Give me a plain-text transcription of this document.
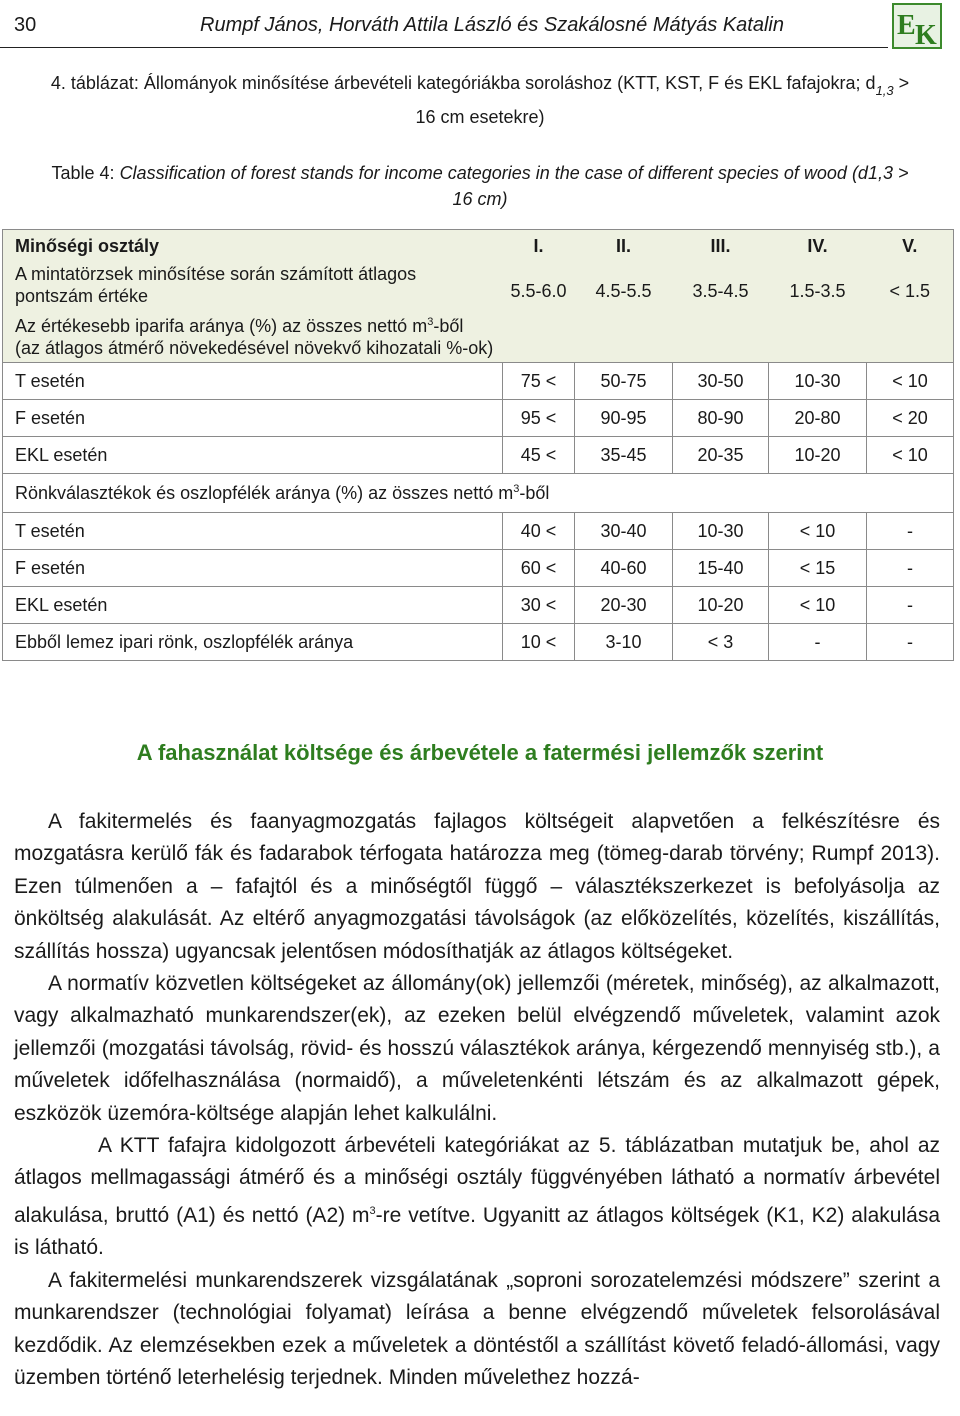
30	Rumpf János, Horváth Attila László és Szakálosné Mátyás Katalin	E K
4. táblázat: Állományok minősítése árbevételi kategóriákba soroláshoz (KTT, KST, F és EKL fafajokra; $d_{1,3}$ >
16 cm esetekre)
Table 4: Classification of forest stands for income categories in the case of different species of wood (d1,3 >
16 cm)
Minőségi osztály	I.	II.	III.	IV.	V.

A mintatörzsek minősítése során számított átlagos
pontszám értéke	5.5-6.0	4.5-5.5	3.5-4.5	1.5-3.5	< 1.5

Az értékesebb iparifa aránya (%) az összes nettó $m^3$-ből
(az átlagos átmérő növekedésével növekvő kihozatali %-ok)					

T esetén	75 <	50-75	30-50	10-30	< 10
F esetén	95 <	90-95	80-90	20-80	< 20
EKL esetén	45 <	35-45	20-35	10-20	< 10
Rönkválasztékok és oszlopfélék aránya (%) az összes nettó $m^3$-ből					
T esetén	40 <	30-40	10-30	< 10	-
F esetén	60 <	40-60	15-40	< 15	-
EKL esetén	30 <	20-30	10-20	< 10	-
Ebből lemez ipari rönk, oszlopfélék aránya	10 <	3-10	< 3	-	-
A fahasználat költsége és árbevétele a fatermési jellemzők szerint

A fakitermelés és faanyagmozgatás fajlagos költségeit alapvetően a felkészítésre és mozgatásra kerülő fák és fadarabok térfogata határozza meg (tömeg-darab törvény; Rumpf 2013). Ezen túlmenően a – fafajtól és a minőségtől függő – választékszerkezet is befolyásolja az önköltség alakulását. Az eltérő anyagmozgatási távolságok (az előközelítés, közelítés, kiszállítás, szállítás hossza) ugyancsak jelentősen módosíthatják az átlagos költségeket.

A normatív közvetlen költségeket az állomány(ok) jellemzői (méretek, minőség), az alkalmazott, vagy alkalmazható munkarendszer(ek), az ezeken belül elvégzendő műveletek, valamint azok jellemzői (mozgatási távolság, rövid- és hosszú választékok aránya, kérgezendő mennyiség stb.), a műveletek időfelhasználása (normaidő), a műveletenkénti létszám és az alkalmazott gépek, eszközök üzemóra-költsége alapján lehet kalkulálni.

A KTT fafajra kidolgozott árbevételi kategóriákat az 5. táblázatban mutatjuk be, ahol az átlagos mellmagassági átmérő és a minőségi osztály függvényében látható a normatív árbevétel alakulása, bruttó (A1) és nettó (A2) $m^3-re$ vetítve. Ugyanitt az átlagos költségek (K1, K2) alakulása is látható.

A fakitermelési munkarendszerek vizsgálatának „soproni sorozatelemzési módszere” szerint a munkarendszer (technológiai folyamat) leírása a benne elvégzendő műveletek felsorolásával kezdődik. Az elemzésekben ezek a műveletek a döntéstől a szállítást követő feladó-állomási, vagy üzemben történő leterhelésig terjednek. Minden művelethez hozzá-
